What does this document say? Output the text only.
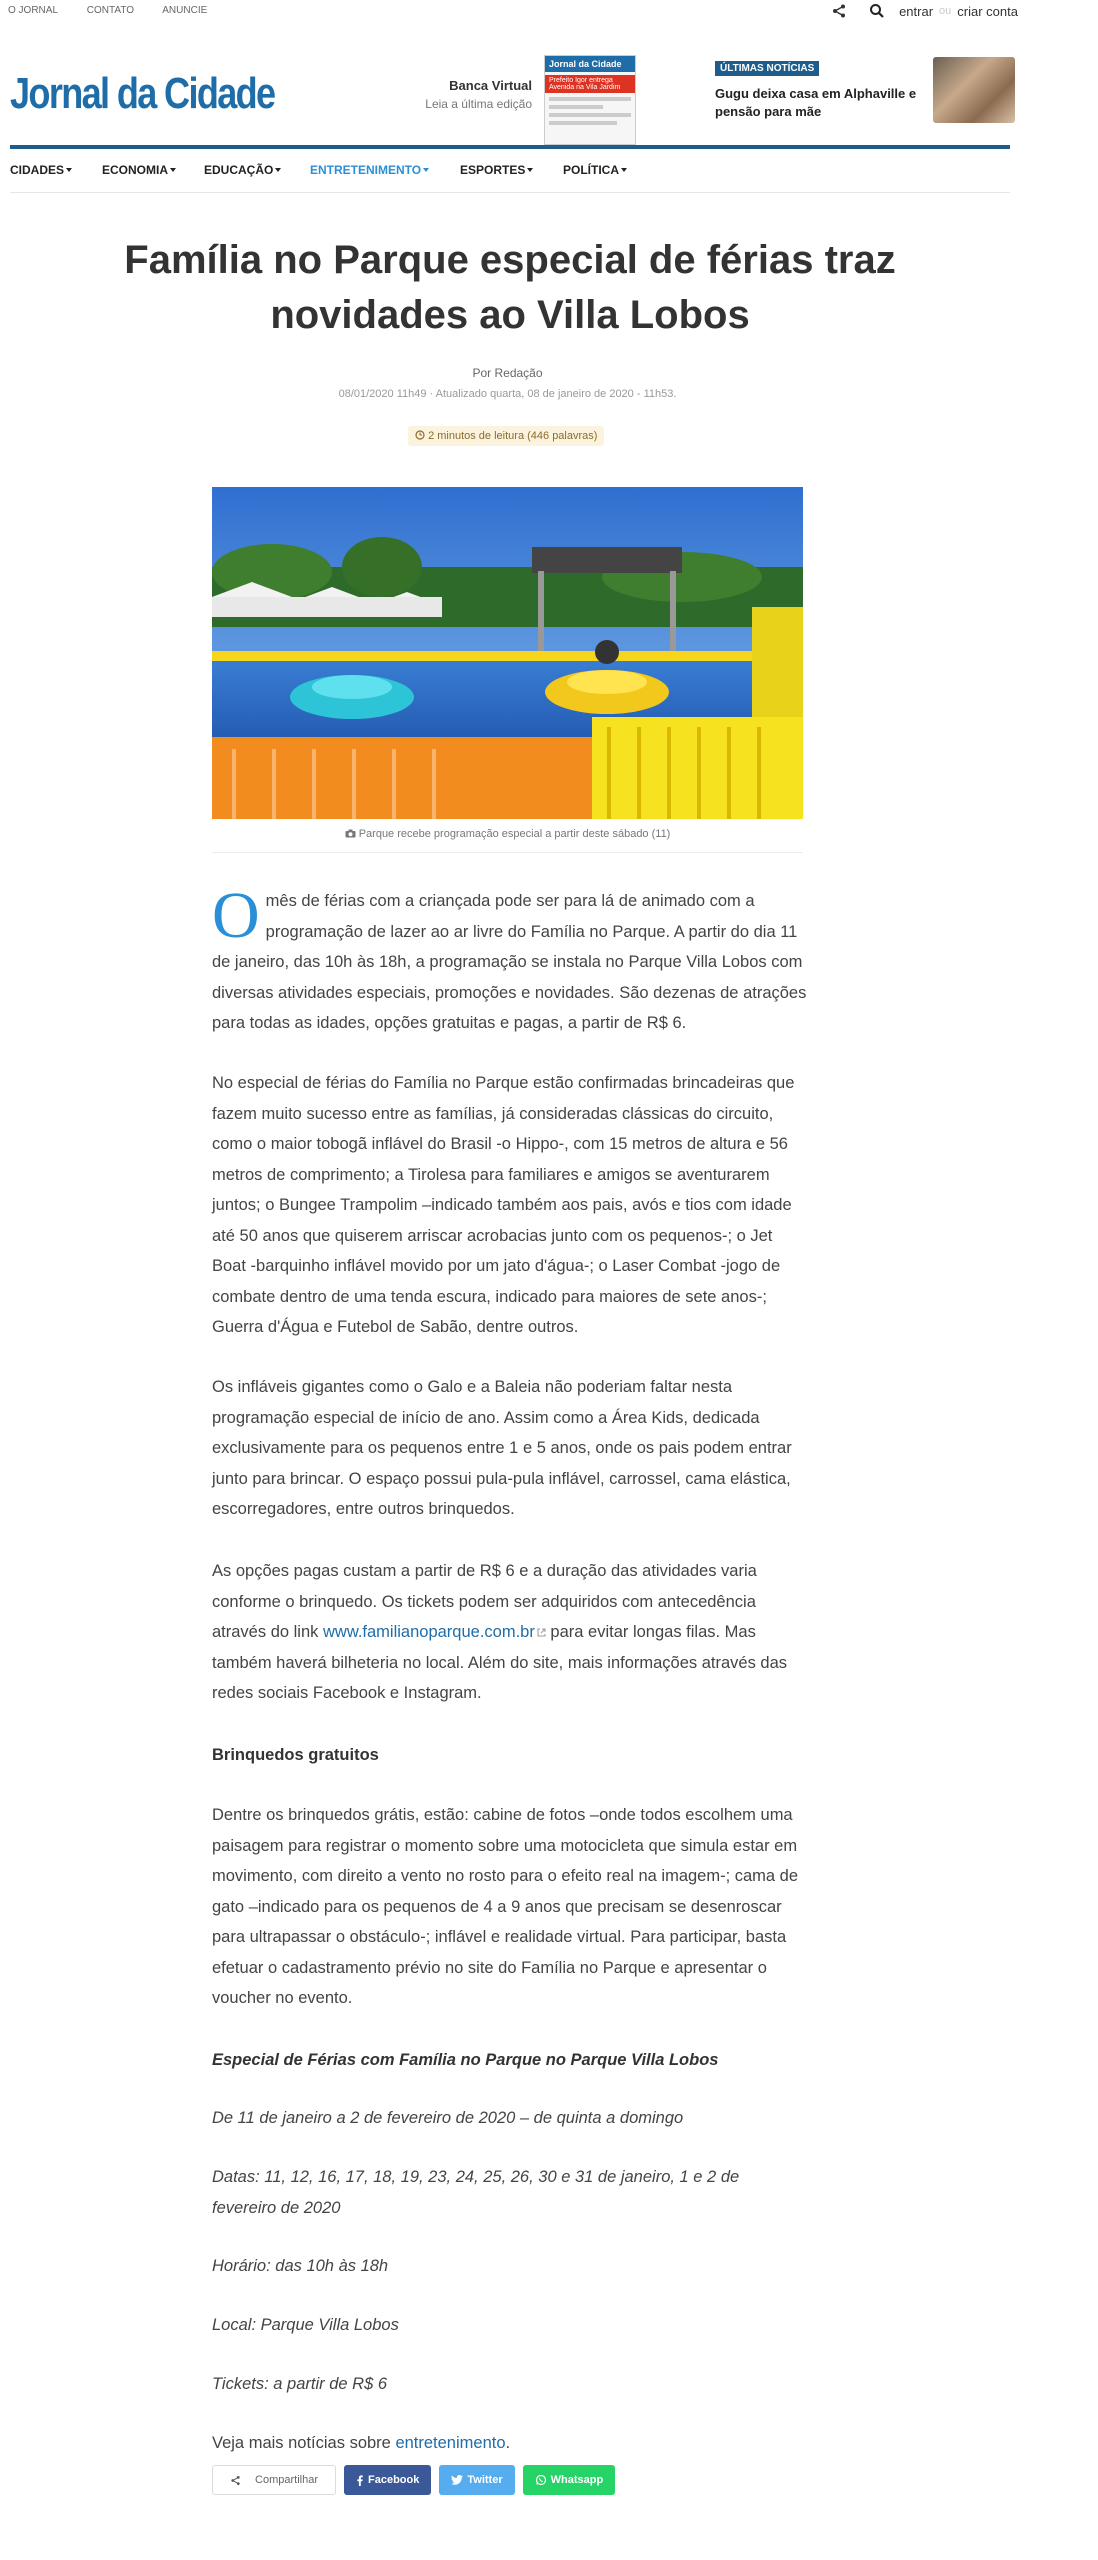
O JORNAL	CONTATO	ANUNCIE	entrar ou criar conta
Jornal da Cidade	Banca Virtual
Leia a última edição
Jornal da Cidade
Prefeito Igor entrega Avenida na Vila Jardim
ÚLTIMAS NOTÍCIAS
Gugu deixa casa em Alphaville e pensão para mãe
CIDADES	ECONOMIA	EDUCAÇÃO	ENTRETENIMENTO	ESPORTES	POLÍTICA
Família no Parque especial de férias traz novidades ao Villa Lobos
Por Redação
08/01/2020 11h49 · Atualizado quarta, 08 de janeiro de 2020 - 11h53.
2 minutos de leitura (446 palavras)
Parque recebe programação especial a partir deste sábado (11)
O mês de férias com a criançada pode ser para lá de animado com a programação de lazer ao ar livre do Família no Parque. A partir do dia 11 de janeiro, das 10h às 18h, a programação se instala no Parque Villa Lobos com diversas atividades especiais, promoções e novidades. São dezenas de atrações para todas as idades, opções gratuitas e pagas, a partir de R$ 6.
No especial de férias do Família no Parque estão confirmadas brincadeiras que fazem muito sucesso entre as famílias, já consideradas clássicas do circuito, como o maior tobogã inflável do Brasil -o Hippo-, com 15 metros de altura e 56 metros de comprimento; a Tirolesa para familiares e amigos se aventurarem juntos; o Bungee Trampolim –indicado também aos pais, avós e tios com idade até 50 anos que quiserem arriscar acrobacias junto com os pequenos-; o Jet Boat -barquinho inflável movido por um jato d'água-; o Laser Combat -jogo de combate dentro de uma tenda escura, indicado para maiores de sete anos-; Guerra d'Água e Futebol de Sabão, dentre outros.
Os infláveis gigantes como o Galo e a Baleia não poderiam faltar nesta programação especial de início de ano. Assim como a Área Kids, dedicada exclusivamente para os pequenos entre 1 e 5 anos, onde os pais podem entrar junto para brincar. O espaço possui pula-pula inflável, carrossel, cama elástica, escorregadores, entre outros brinquedos.
As opções pagas custam a partir de R$ 6 e a duração das atividades varia conforme o brinquedo. Os tickets podem ser adquiridos com antecedência através do link www.familianoparque.com.br para evitar longas filas. Mas também haverá bilheteria no local. Além do site, mais informações através das redes sociais Facebook e Instagram.
Brinquedos gratuitos
Dentre os brinquedos grátis, estão: cabine de fotos –onde todos escolhem uma paisagem para registrar o momento sobre uma motocicleta que simula estar em movimento, com direito a vento no rosto para o efeito real na imagem-; cama de gato –indicado para os pequenos de 4 a 9 anos que precisam se desenroscar para ultrapassar o obstáculo-; inflável e realidade virtual. Para participar, basta efetuar o cadastramento prévio no site do Família no Parque e apresentar o voucher no evento.
Especial de Férias com Família no Parque no Parque Villa Lobos
De 11 de janeiro a 2 de fevereiro de 2020 – de quinta a domingo
Datas: 11, 12, 16, 17, 18, 19, 23, 24, 25, 26, 30 e 31 de janeiro, 1 e 2 de fevereiro de 2020
Horário: das 10h às 18h
Local: Parque Villa Lobos
Tickets: a partir de R$ 6
Veja mais notícias sobre entretenimento.
Compartilhar	Facebook	Twitter	Whatsapp
